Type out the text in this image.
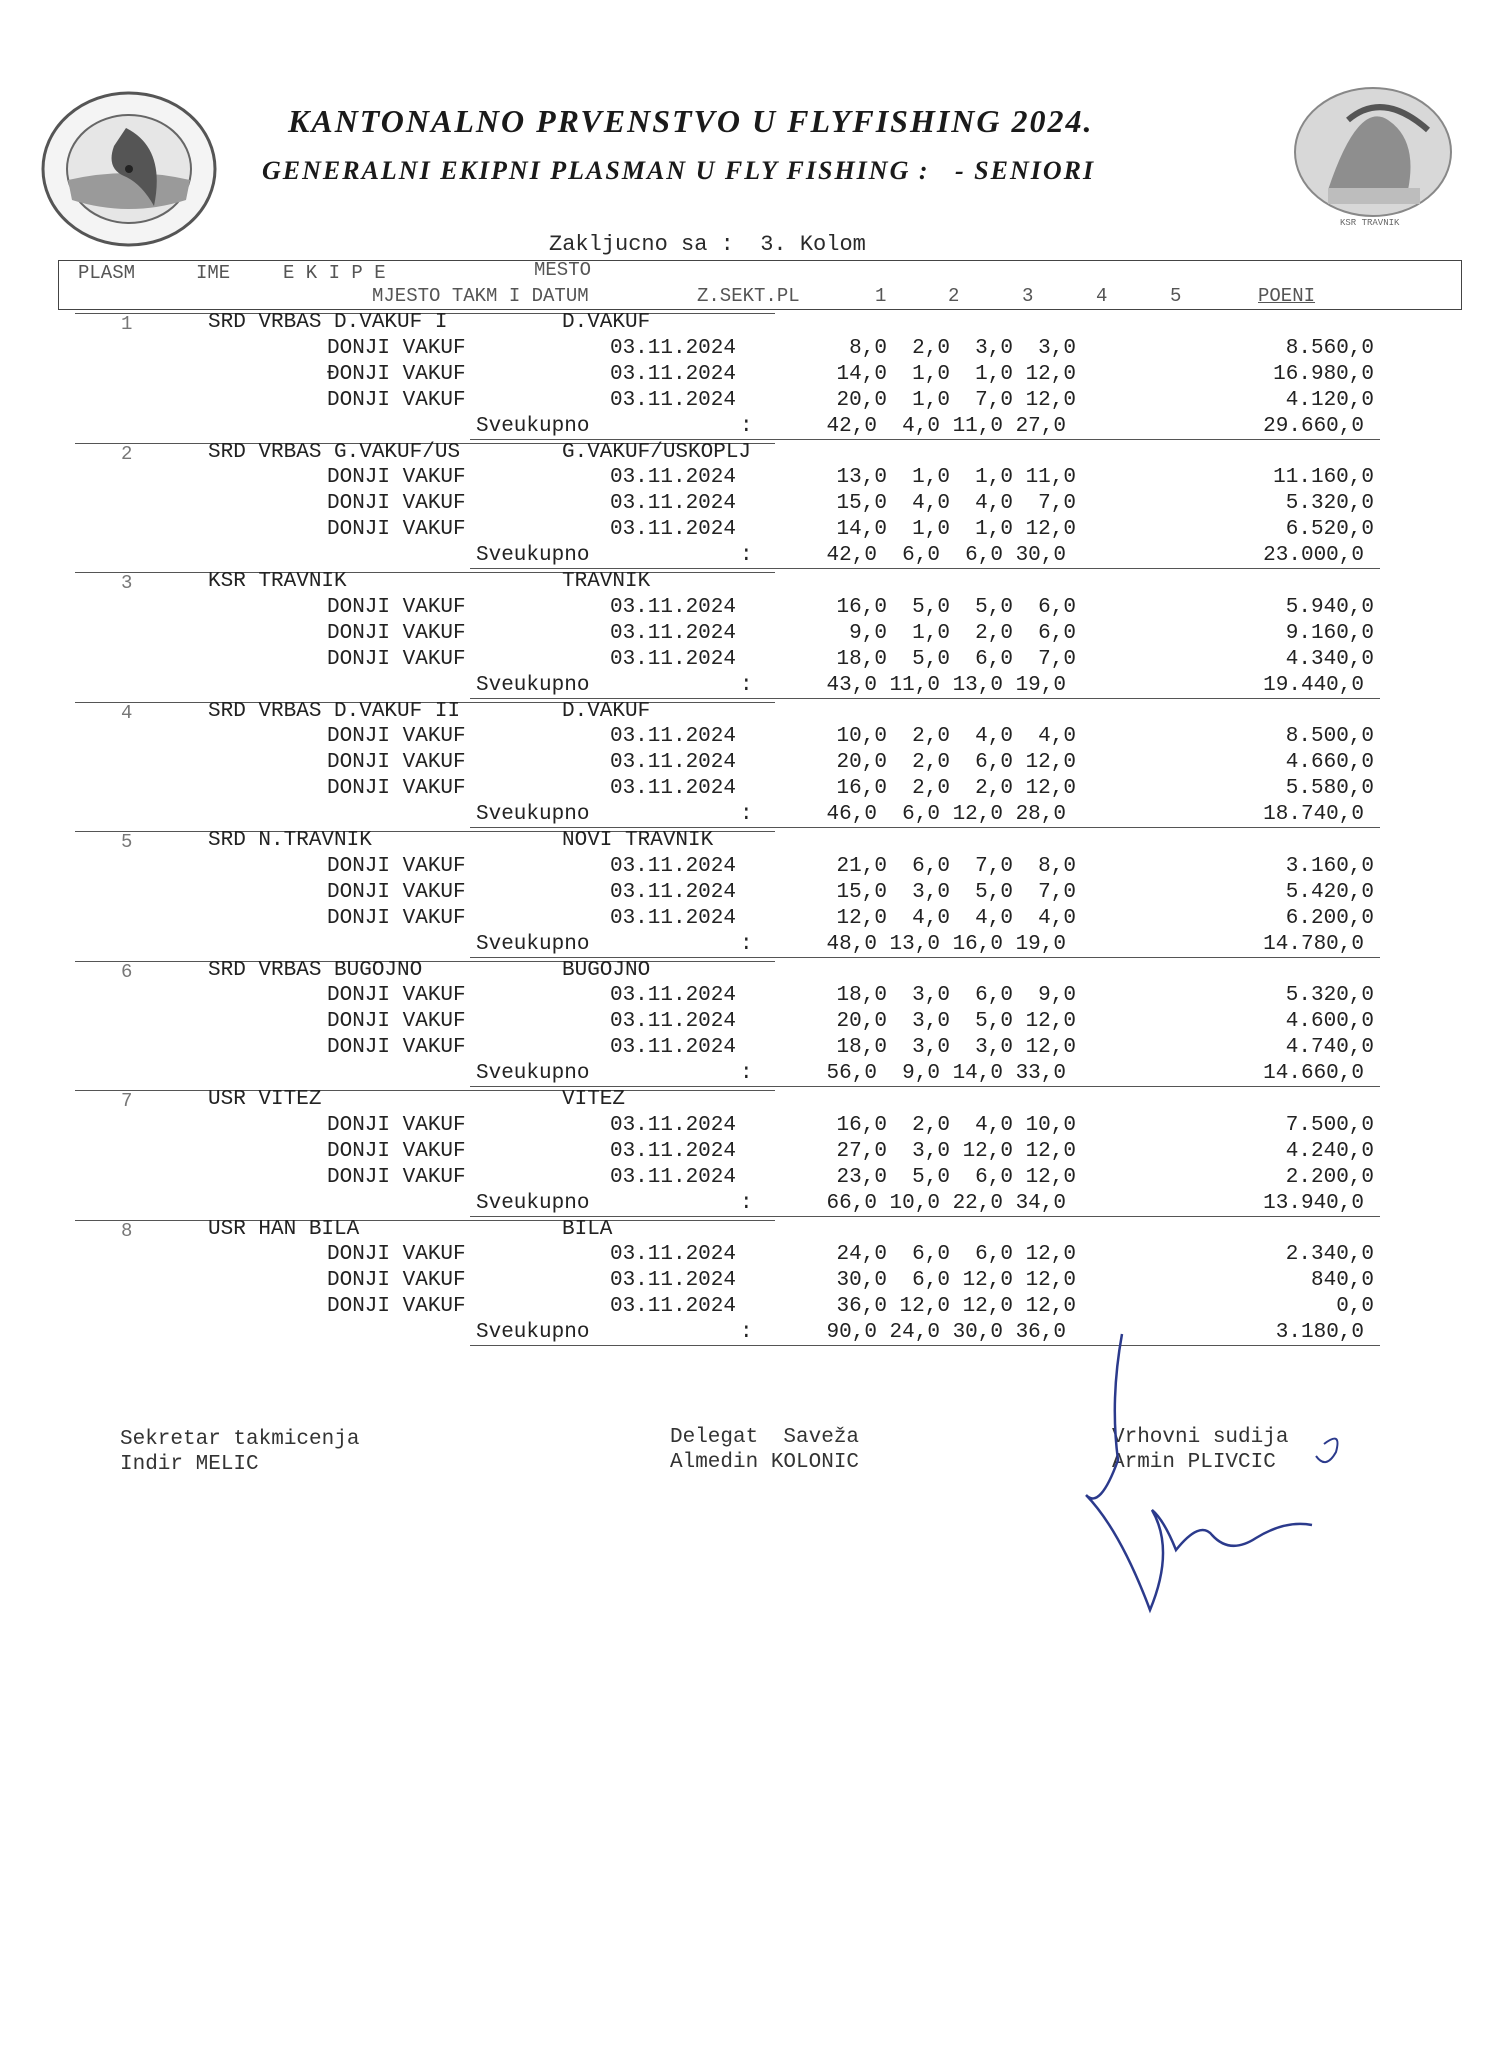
KSR TRAVNIK
KANTONALNO PRVENSTVO U FLYFISHING 2024.
GENERALNI EKIPNI PLASMAN U FLY FISHING :   - SENIORI
Zakljucno sa :  3. Kolom
PLASM	IME	E K I P E	MESTO
MJESTO TAKM I DATUM	Z.SEKT.PL	1	2	3	4	5	POENI
1	SRD VRBAS D.VAKUF I	D.VAKUF
DONJI VAKUF	03.11.2024	8,0  2,0  3,0  3,0	8.560,0
ĐONJI VAKUF	03.11.2024	14,0  1,0  1,0 12,0	16.980,0
DONJI VAKUF	03.11.2024	20,0  1,0  7,0 12,0	4.120,0
Sveukupno	:	42,0  4,0 11,0 27,0	29.660,0
2	SRD VRBAS G.VAKUF/US	G.VAKUF/USKOPLJ
DONJI VAKUF	03.11.2024	13,0  1,0  1,0 11,0	11.160,0
DONJI VAKUF	03.11.2024	15,0  4,0  4,0  7,0	5.320,0
DONJI VAKUF	03.11.2024	14,0  1,0  1,0 12,0	6.520,0
Sveukupno	:	42,0  6,0  6,0 30,0	23.000,0
3	KSR TRAVNIK	TRAVNIK
DONJI VAKUF	03.11.2024	16,0  5,0  5,0  6,0	5.940,0
DONJI VAKUF	03.11.2024	9,0  1,0  2,0  6,0	9.160,0
DONJI VAKUF	03.11.2024	18,0  5,0  6,0  7,0	4.340,0
Sveukupno	:	43,0 11,0 13,0 19,0	19.440,0
4	SRD VRBAS D.VAKUF II	D.VAKUF
DONJI VAKUF	03.11.2024	10,0  2,0  4,0  4,0	8.500,0
DONJI VAKUF	03.11.2024	20,0  2,0  6,0 12,0	4.660,0
DONJI VAKUF	03.11.2024	16,0  2,0  2,0 12,0	5.580,0
Sveukupno	:	46,0  6,0 12,0 28,0	18.740,0
5	SRD N.TRAVNIK	NOVI TRAVNIK
DONJI VAKUF	03.11.2024	21,0  6,0  7,0  8,0	3.160,0
DONJI VAKUF	03.11.2024	15,0  3,0  5,0  7,0	5.420,0
DONJI VAKUF	03.11.2024	12,0  4,0  4,0  4,0	6.200,0
Sveukupno	:	48,0 13,0 16,0 19,0	14.780,0
6	SRD VRBAS BUGOJNO	BUGOJNO
DONJI VAKUF	03.11.2024	18,0  3,0  6,0  9,0	5.320,0
DONJI VAKUF	03.11.2024	20,0  3,0  5,0 12,0	4.600,0
DONJI VAKUF	03.11.2024	18,0  3,0  3,0 12,0	4.740,0
Sveukupno	:	56,0  9,0 14,0 33,0	14.660,0
7	USR VITEZ	VITEZ
DONJI VAKUF	03.11.2024	16,0  2,0  4,0 10,0	7.500,0
DONJI VAKUF	03.11.2024	27,0  3,0 12,0 12,0	4.240,0
DONJI VAKUF	03.11.2024	23,0  5,0  6,0 12,0	2.200,0
Sveukupno	:	66,0 10,0 22,0 34,0	13.940,0
8	USR HAN BILA	BILA
DONJI VAKUF	03.11.2024	24,0  6,0  6,0 12,0	2.340,0
DONJI VAKUF	03.11.2024	30,0  6,0 12,0 12,0	840,0
DONJI VAKUF	03.11.2024	36,0 12,0 12,0 12,0	0,0
Sveukupno	:	90,0 24,0 30,0 36,0	3.180,0
Sekretar takmicenja
Indir MELIC
Delegat  Saveža
Almedin KOLONIC
Vrhovni sudija
Armin PLIVCIC
